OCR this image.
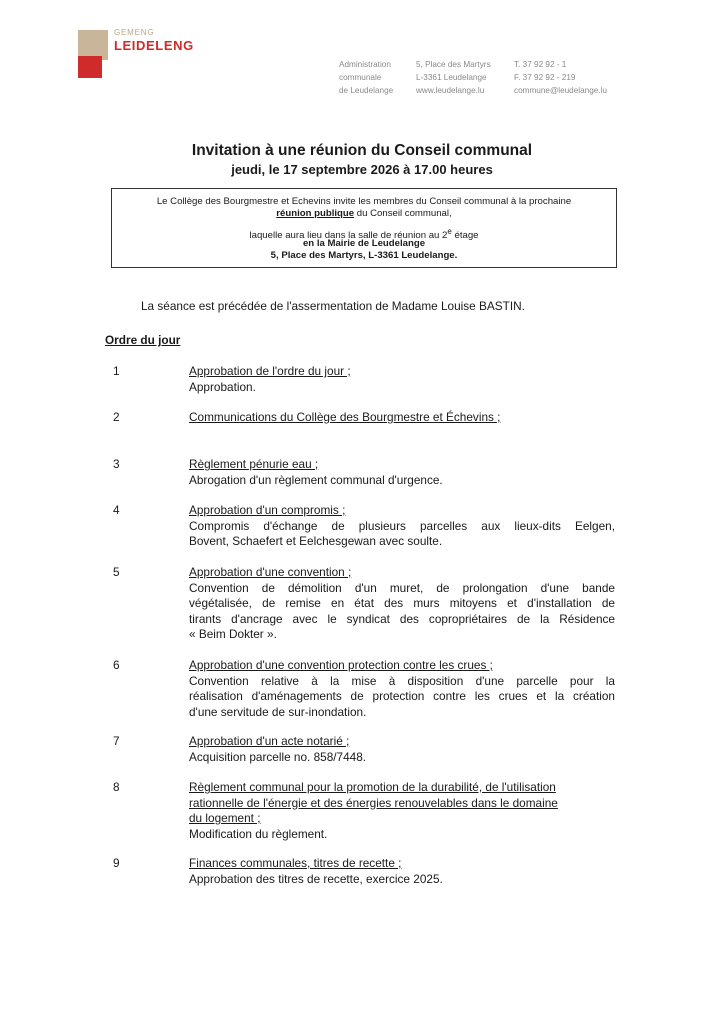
GEMENG
LEIDELENG
Administration
communale
de Leudelange
5, Place des Martyrs
L-3361 Leudelange
www.leudelange.lu
T. 37 92 92 - 1
F. 37 92 92 - 219
commune@leudelange.lu
Invitation à une réunion du Conseil communal
jeudi, le 17 septembre 2026 à 17.00 heures
Le Collège des Bourgmestre et Echevins invite les membres du Conseil communal à la prochaine
réunion publique du Conseil communal,
laquelle aura lieu dans la salle de réunion au 2e étage
en la Mairie de Leudelange
5, Place des Martyrs, L-3361 Leudelange.
La séance est précédée de l'assermentation de Madame Louise BASTIN.
Ordre du jour
1	Approbation de l'ordre du jour ;
Approbation.
2	Communications du Collège des Bourgmestre et Échevins ;
3	Règlement pénurie eau ;
Abrogation d'un règlement communal d'urgence.
4	Approbation d'un compromis ;
Compromis d'échange de plusieurs parcelles aux lieux-dits Eelgen,
Bovent, Schaefert et Eelchesgewan avec soulte.
5	Approbation d'une convention ;
Convention de démolition d'un muret, de prolongation d'une bande
végétalisée, de remise en état des murs mitoyens et d'installation de
tirants d'ancrage avec le syndicat des copropriétaires de la Résidence
« Beim Dokter ».
6	Approbation d'une convention protection contre les crues ;
Convention relative à la mise à disposition d'une parcelle pour la
réalisation d'aménagements de protection contre les crues et la création
d'une servitude de sur-inondation.
7	Approbation d'un acte notarié ;
Acquisition parcelle no. 858/7448.
8	Règlement communal pour la promotion de la durabilité, de l'utilisation
rationnelle de l'énergie et des énergies renouvelables dans le domaine
du logement ;
Modification du règlement.
9	Finances communales, titres de recette ;
Approbation des titres de recette, exercice 2025.
